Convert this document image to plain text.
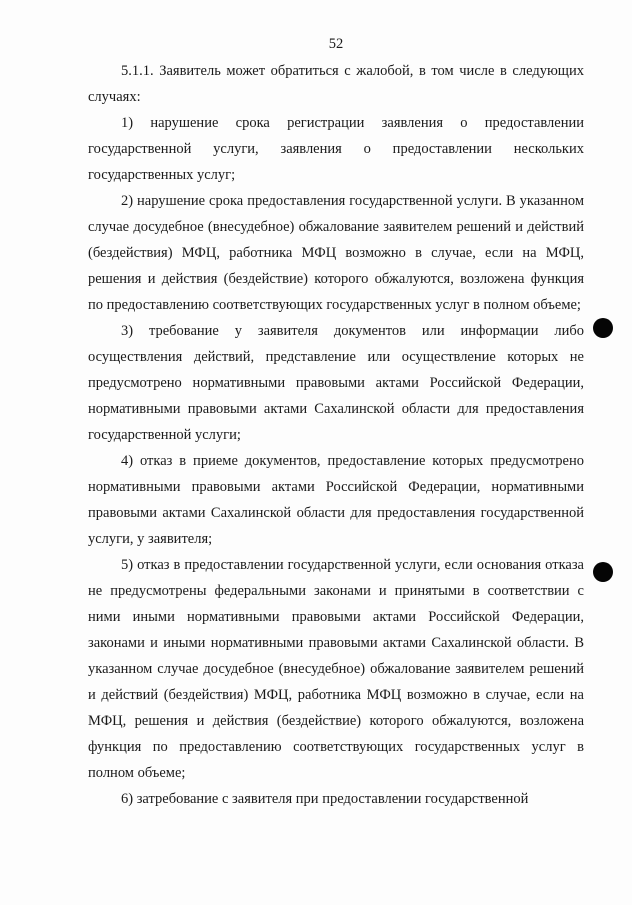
52

5.1.1. Заявитель может обратиться с жалобой, в том числе в следующих случаях:

1) нарушение срока регистрации заявления о предоставлении государственной услуги, заявления о предоставлении нескольких государственных услуг;

2) нарушение срока предоставления государственной услуги. В указанном случае досудебное (внесудебное) обжалование заявителем решений и действий (бездействия) МФЦ, работника МФЦ возможно в случае, если на МФЦ, решения и действия (бездействие) которого обжалуются, возложена функция по предоставлению соответствующих государственных услуг в полном объеме;

3) требование у заявителя документов или информации либо осуществления действий, представление или осуществление которых не предусмотрено нормативными правовыми актами Российской Федерации, нормативными правовыми актами Сахалинской области для предоставления государственной услуги;

4) отказ в приеме документов, предоставление которых предусмотрено нормативными правовыми актами Российской Федерации, нормативными правовыми актами Сахалинской области для предоставления государственной услуги, у заявителя;

5) отказ в предоставлении государственной услуги, если основания отказа не предусмотрены федеральными законами и принятыми в соответствии с ними иными нормативными правовыми актами Российской Федерации, законами и иными нормативными правовыми актами Сахалинской области. В указанном случае досудебное (внесудебное) обжалование заявителем решений и действий (бездействия) МФЦ, работника МФЦ возможно в случае, если на МФЦ, решения и действия (бездействие) которого обжалуются, возложена функция по предоставлению соответствующих государственных услуг в полном объеме;

6) затребование с заявителя при предоставлении государственной
